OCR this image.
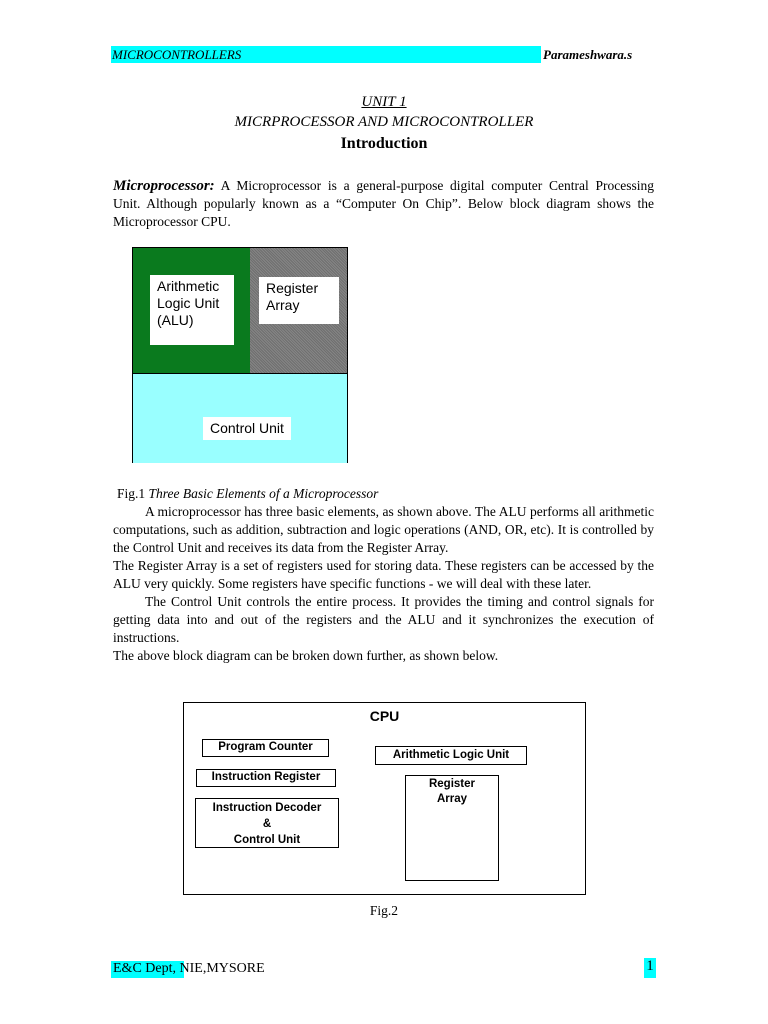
MICROCONTROLLERS	Parameshwara.s
UNIT 1
MICRPROCESSOR AND MICROCONTROLLER
Introduction

Microprocessor: A Microprocessor is a general-purpose digital computer Central Processing Unit. Although popularly known as a “Computer On Chip”. Below block diagram shows the Microprocessor CPU.

Arithmetic
Logic Unit
(ALU)
Register
Array
Control Unit
Fig.1 Three Basic Elements of a Microprocessor

A microprocessor has three basic elements, as shown above. The ALU performs all arithmetic computations, such as addition, subtraction and logic operations (AND, OR, etc). It is controlled by the Control Unit and receives its data from the Register Array.

The Register Array is a set of registers used for storing data. These registers can be accessed by the ALU very quickly. Some registers have specific functions - we will deal with these later.

The Control Unit controls the entire process. It provides the timing and control signals for getting data into and out of the registers and the ALU and it synchronizes the execution of instructions.

The above block diagram can be broken down further, as shown below.

CPU
Program Counter
Instruction Register
Instruction Decoder
&
Control Unit
Arithmetic Logic Unit
Register
Array
Fig.2
E&C Dept, NIE,MYSORE	1
